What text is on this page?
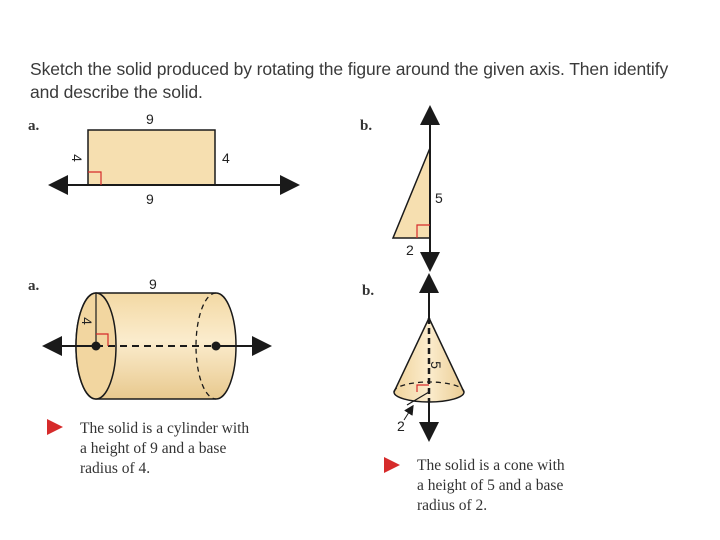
Sketch the solid produced by rotating the figure around the given axis. Then identify
and describe the solid.
a.	b.
a.	b.
9
9
4	4
5
2
9
4
5
2
The solid is a cylinder with
a height of 9 and a base
radius of 4.	The solid is a cone with
a height of 5 and a base
radius of 2.
